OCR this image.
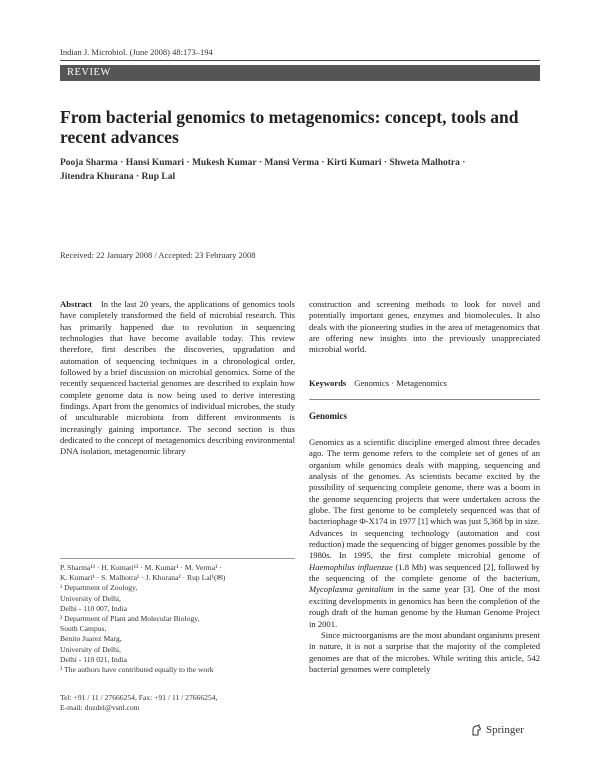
Indian J. Microbiol. (June 2008) 48:173–194
REVIEW
From bacterial genomics to metagenomics: concept, tools and recent advances
Pooja Sharma · Hansi Kumari · Mukesh Kumar · Mansi Verma · Kirti Kumari · Shweta Malhotra ·
Jitendra Khurana · Rup Lal
Received: 22 January 2008 / Accepted: 23 February 2008

Abstract In the last 20 years, the applications of genomics tools have completely transformed the field of microbial research. This has primarily happened due to revolution in sequencing technologies that have become available today. This review therefore, first describes the discoveries, upgradation and automation of sequencing techniques in a chronological order, followed by a brief discussion on microbial genomics. Some of the recently sequenced bacterial genomes are described to explain how complete genome data is now being used to derive interesting findings. Apart from the genomics of individual microbes, the study of unculturable microbiota from different environments is increasingly gaining importance. The second section is thus dedicated to the concept of metagenomics describing environmental DNA isolation, metagenomic library

construction and screening methods to look for novel and potentially important genes, enzymes and biomolecules. It also deals with the pioneering studies in the area of metagenomics that are offering new insights into the previously unappreciated microbial world.

Keywords Genomics · Metagenomics
Genomics

Genomics as a scientific discipline emerged almost three decades ago. The term genome refers to the complete set of genes of an organism while genomics deals with mapping, sequencing and analysis of the genomes. As scientists became excited by the possibility of sequencing complete genome, there was a boom in the genome sequencing projects that were undertaken across the globe. The first genome to be completely sequenced was that of bacteriophage Φ-X174 in 1977 [1] which was just 5,368 bp in size. Advances in sequencing technology (automation and cost reduction) made the sequencing of bigger genomes possible by the 1980s. In 1995, the first complete microbial genome of Haemophilus influenzae (1.8 Mb) was sequenced [2], followed by the sequencing of the complete genome of the bacterium, Mycoplasma genitalium in the same year [3]. One of the most exciting developments in genomics has been the completion of the rough draft of the human genome by the Human Genome Project in 2001.

Since microorganisms are the most abundant organisms present in nature, it is not a surprise that the majority of the completed genomes are that of the microbes. While writing this article, 542 bacterial genomes were completely

P. Sharma¹³ · H. Kumari¹³ · M. Kumar¹ · M. Verma¹ ·
K. Kumari¹ · S. Malhotra¹ · J. Khurana² · Rup Lal¹(✉)
¹ Department of Zoology,
University of Delhi,
Delhi - 110 007, India
² Department of Plant and Molecular Biology,
South Campus,
Benito Juarez Marg,
University of Delhi,
Delhi - 110 021, India
³ The authors have contributed equally to the work
Tel: +91 / 11 / 27666254, Fax: +91 / 11 / 27666254,
E-mail: duzdel@vsnl.com
Springer
